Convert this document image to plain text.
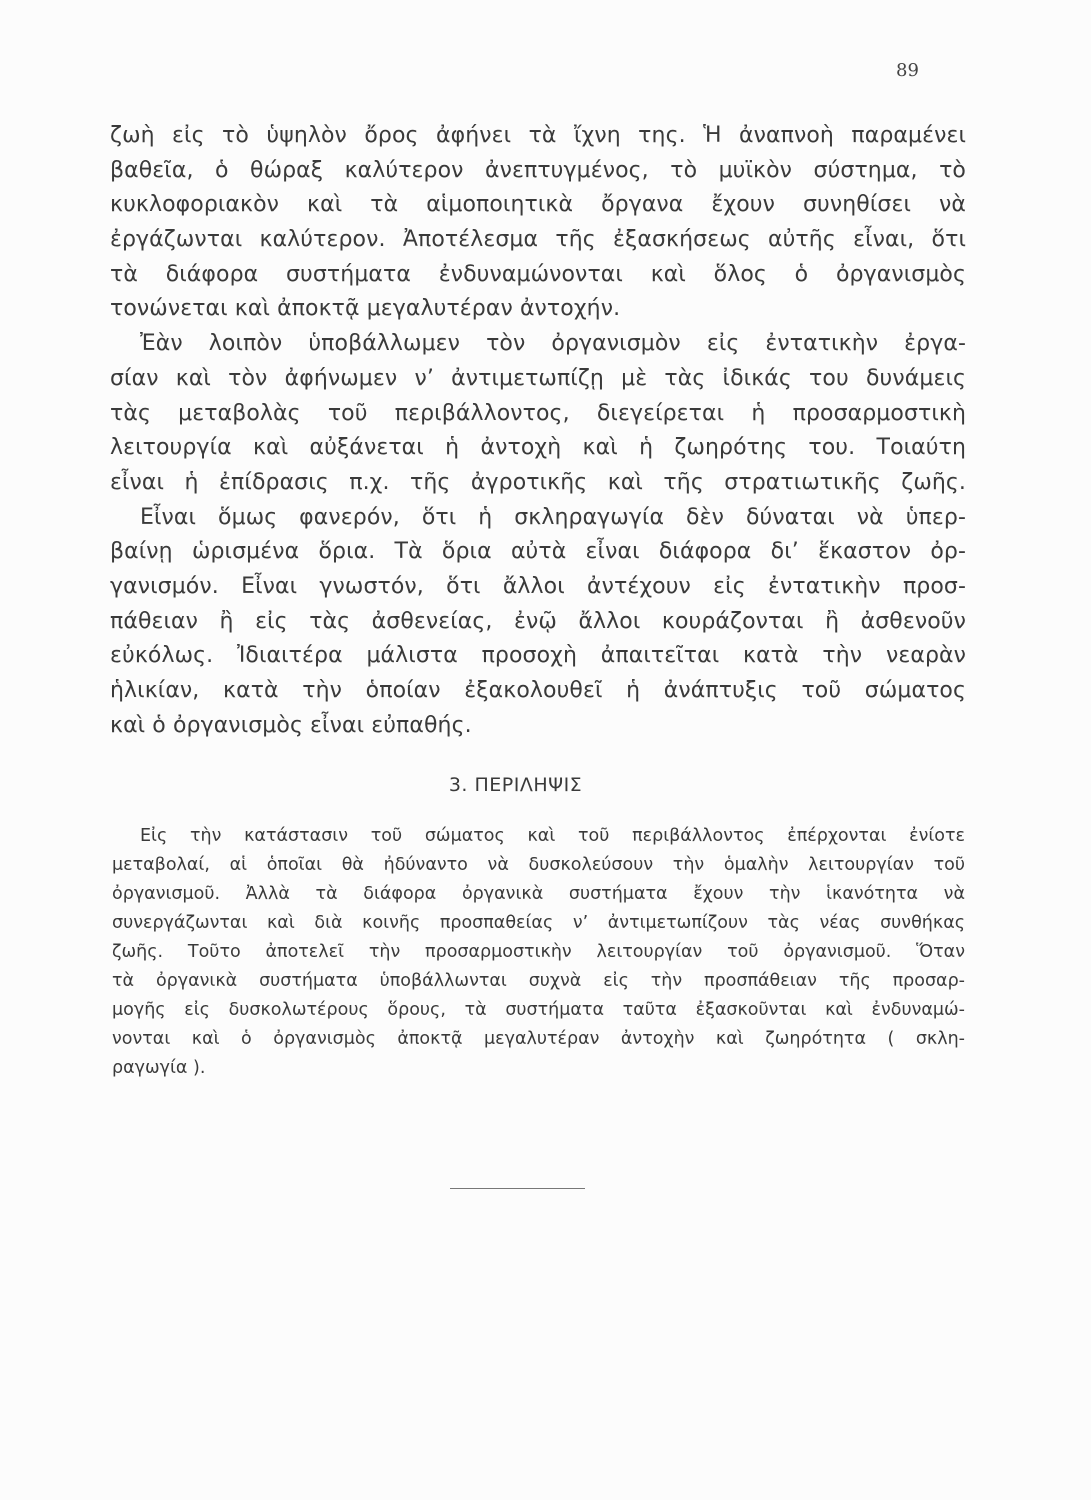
89
ζωὴ εἰς τὸ ὑψηλὸν ὄρος ἀφήνει τὰ ἴχνη της. Ἡ ἀναπνοὴ παραμένει
βαθεῖα, ὁ θώραξ καλύτερον ἀνεπτυγμένος, τὸ μυϊκὸν σύστημα, τὸ
κυκλοφοριακὸν καὶ τὰ αἱμοποιητικὰ ὄργανα ἔχουν συνηθίσει νὰ
ἐργάζωνται καλύτερον. Ἀποτέλεσμα τῆς ἐξασκήσεως αὐτῆς εἶναι, ὅτι
τὰ διάφορα συστήματα ἐνδυναμώνονται καὶ ὅλος ὁ ὀργανισμὸς
τονώνεται καὶ ἀποκτᾷ μεγαλυτέραν ἀντοχήν.
Ἐὰν λοιπὸν ὑποβάλλωμεν τὸν ὀργανισμὸν εἰς ἐντατικὴν ἐργα-
σίαν καὶ τὸν ἀφήνωμεν ν’ ἀντιμετωπίζῃ μὲ τὰς ἰδικάς του δυνάμεις
τὰς μεταβολὰς τοῦ περιβάλλοντος, διεγείρεται ἡ προσαρμοστικὴ
λειτουργία καὶ αὐξάνεται ἡ ἀντοχὴ καὶ ἡ ζωηρότης του. Τοιαύτη
εἶναι ἡ ἐπίδρασις π.χ. τῆς ἀγροτικῆς καὶ τῆς στρατιωτικῆς ζωῆς.
Εἶναι ὅμως φανερόν, ὅτι ἡ σκληραγωγία δὲν δύναται νὰ ὑπερ-
βαίνῃ ὡρισμένα ὅρια. Τὰ ὅρια αὐτὰ εἶναι διάφορα δι’ ἕκαστον ὀρ-
γανισμόν. Εἶναι γνωστόν, ὅτι ἄλλοι ἀντέχουν εἰς ἐντατικὴν προσ-
πάθειαν ἢ εἰς τὰς ἀσθενείας, ἐνῷ ἄλλοι κουράζονται ἢ ἀσθενοῦν
εὐκόλως. Ἰδιαιτέρα μάλιστα προσοχὴ ἀπαιτεῖται κατὰ τὴν νεαρὰν
ἡλικίαν, κατὰ τὴν ὁποίαν ἐξακολουθεῖ ἡ ἀνάπτυξις τοῦ σώματος
καὶ ὁ ὀργανισμὸς εἶναι εὐπαθής.
3. ΠΕΡΙΛΗΨΙΣ
Εἰς τὴν κατάστασιν τοῦ σώματος καὶ τοῦ περιβάλλοντος ἐπέρχονται ἐνίοτε
μεταβολαί, αἱ ὁποῖαι θὰ ἠδύναντο νὰ δυσκολεύσουν τὴν ὁμαλὴν λειτουργίαν τοῦ
ὀργανισμοῦ. Ἀλλὰ τὰ διάφορα ὀργανικὰ συστήματα ἔχουν τὴν ἱκανότητα νὰ
συνεργάζωνται καὶ διὰ κοινῆς προσπαθείας ν’ ἀντιμετωπίζουν τὰς νέας συνθήκας
ζωῆς. Τοῦτο ἀποτελεῖ τὴν προσαρμοστικὴν λειτουργίαν τοῦ ὀργανισμοῦ. Ὅταν
τὰ ὀργανικὰ συστήματα ὑποβάλλωνται συχνὰ εἰς τὴν προσπάθειαν τῆς προσαρ-
μογῆς εἰς δυσκολωτέρους ὅρους, τὰ συστήματα ταῦτα ἐξασκοῦνται καὶ ἐνδυναμώ-
νονται καὶ ὁ ὀργανισμὸς ἀποκτᾷ μεγαλυτέραν ἀντοχὴν καὶ ζωηρότητα ( σκλη-
ραγωγία ).
